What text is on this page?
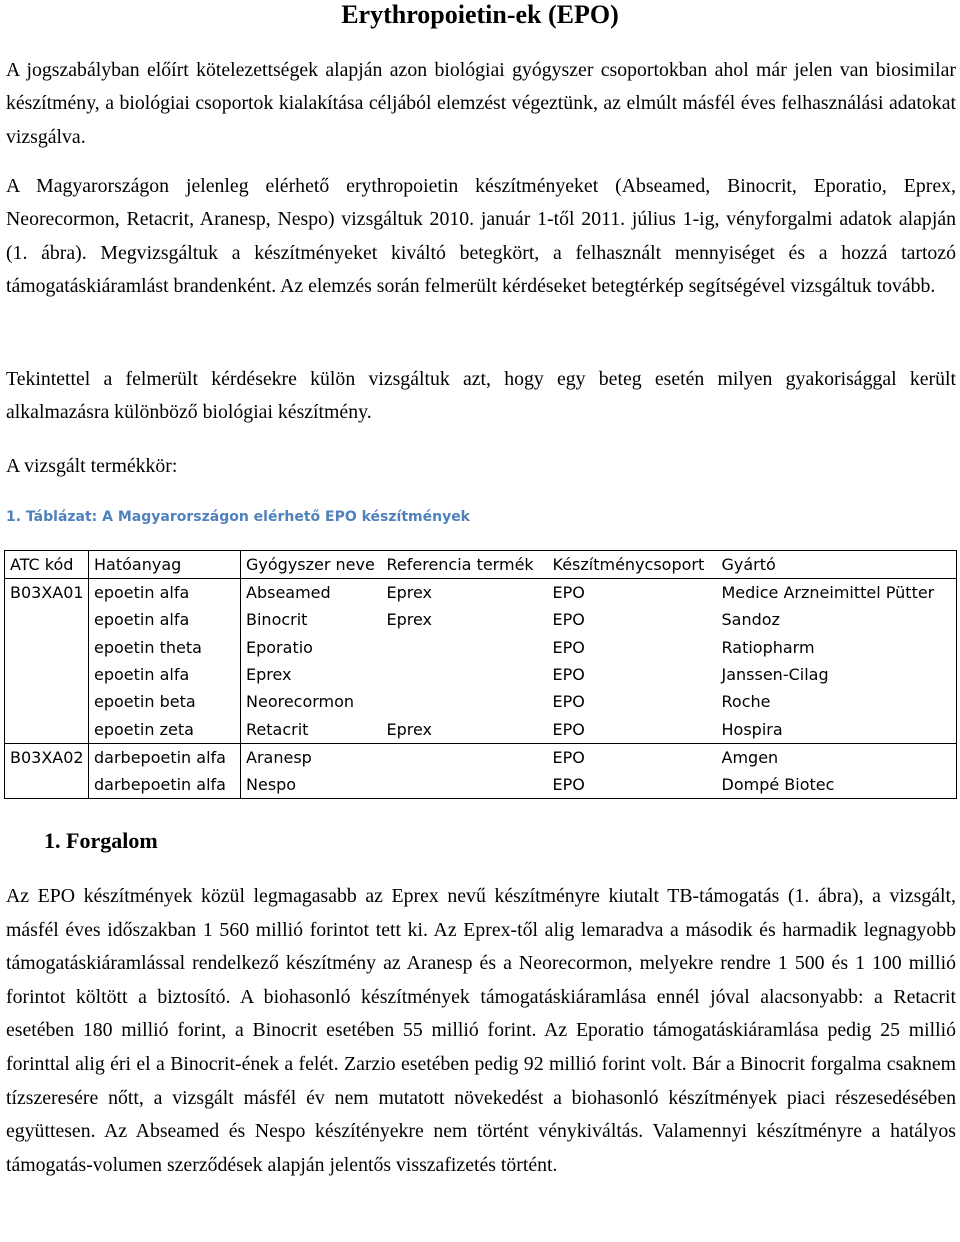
Erythropoietin-ek (EPO)

A jogszabályban előírt kötelezettségek alapján azon biológiai gyógyszer csoportokban ahol már jelen van biosimilar készítmény, a biológiai csoportok kialakítása céljából elemzést végeztünk, az elmúlt másfél éves felhasználási adatokat vizsgálva.

A Magyarországon jelenleg elérhető erythropoietin készítményeket (Abseamed, Binocrit, Eporatio, Eprex, Neorecormon, Retacrit, Aranesp, Nespo) vizsgáltuk 2010. január 1-től 2011. július 1-ig, vényforgalmi adatok alapján (1. ábra). Megvizsgáltuk a készítményeket kiváltó betegkört, a felhasznált mennyiséget és a hozzá tartozó támogatáskiáramlást brandenként. Az elemzés során felmerült kérdéseket betegtérkép segítségével vizsgáltuk tovább.

Tekintettel a felmerült kérdésekre külön vizsgáltuk azt, hogy egy beteg esetén milyen gyakorisággal került alkalmazásra különböző biológiai készítmény.

A vizsgált termékkör:

1. Táblázat: A Magyarországon elérhető EPO készítmények

ATC kód	Hatóanyag	Gyógyszer neve	Referencia termék	Készítménycsoport	Gyártó
B03XA01	epoetin alfa	Abseamed	Eprex	EPO	Medice Arzneimittel Pütter
	epoetin alfa	Binocrit	Eprex	EPO	Sandoz
	epoetin theta	Eporatio		EPO	Ratiopharm
	epoetin alfa	Eprex		EPO	Janssen-Cilag
	epoetin beta	Neorecormon		EPO	Roche
	epoetin zeta	Retacrit	Eprex	EPO	Hospira
B03XA02	darbepoetin alfa	Aranesp		EPO	Amgen
	darbepoetin alfa	Nespo		EPO	Dompé Biotec
1. Forgalom

Az EPO készítmények közül legmagasabb az Eprex nevű készítményre kiutalt TB-támogatás (1. ábra), a vizsgált, másfél éves időszakban 1 560 millió forintot tett ki. Az Eprex-től alig lemaradva a második és harmadik legnagyobb támogatáskiáramlással rendelkező készítmény az Aranesp és a Neorecormon, melyekre rendre 1 500 és 1 100 millió forintot költött a biztosító. A biohasonló készítmények támogatáskiáramlása ennél jóval alacsonyabb: a Retacrit esetében 180 millió forint, a Binocrit esetében 55 millió forint. Az Eporatio támogatáskiáramlása pedig 25 millió forinttal alig éri el a Binocrit-ének a felét. Zarzio esetében pedig 92 millió forint volt. Bár a Binocrit forgalma csaknem tízszeresére nőtt, a vizsgált másfél év nem mutatott növekedést a biohasonló készítmények piaci részesedésében együttesen. Az Abseamed és Nespo készítényekre nem történt vénykiváltás. Valamennyi készítményre a hatályos támogatás-volumen szerződések alapján jelentős visszafizetés történt.
